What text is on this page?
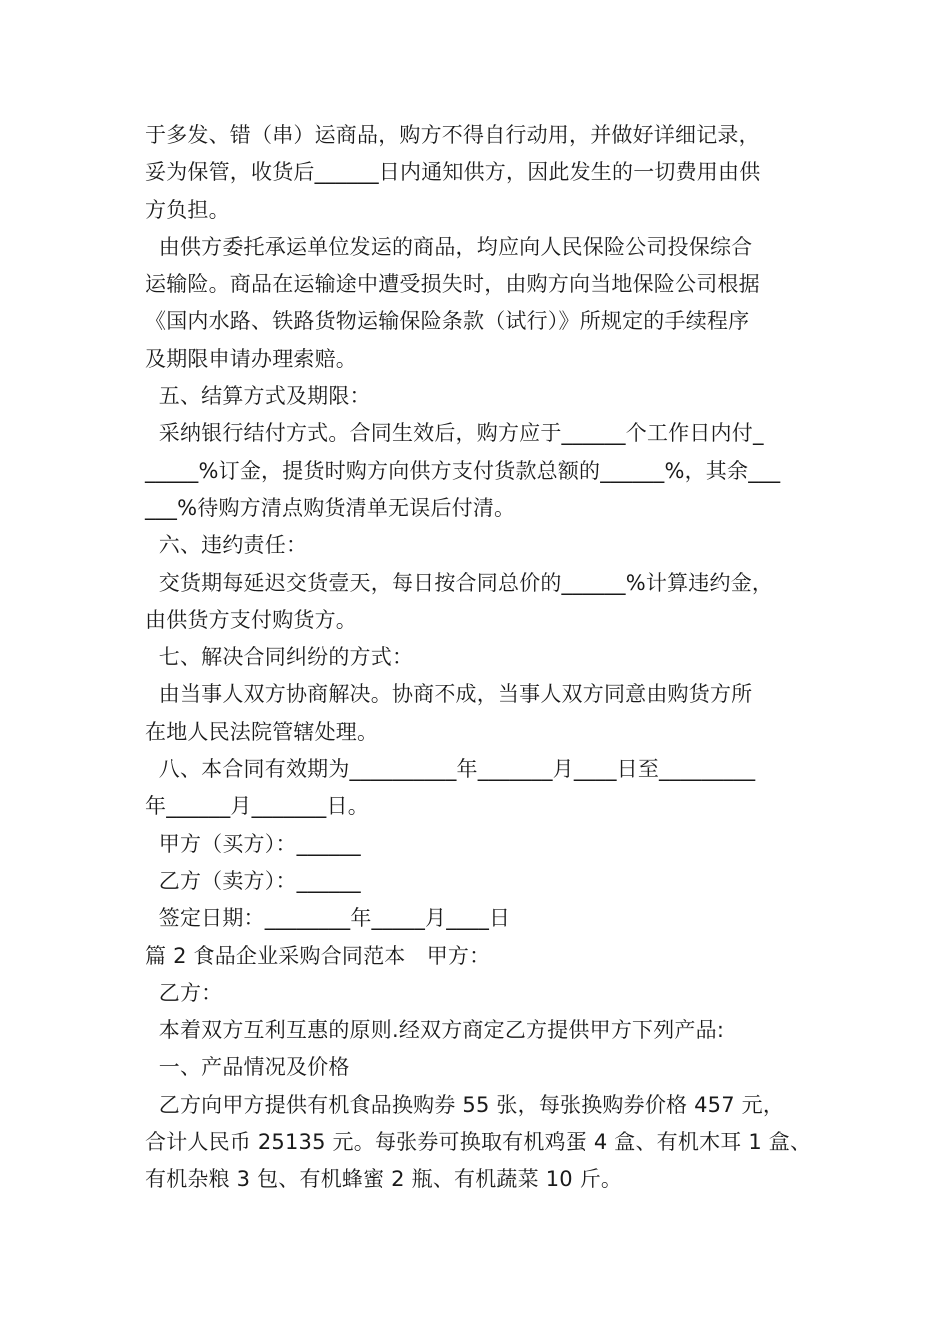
于多发、错（串）运商品，购方不得自行动用，并做好详细记录，
妥为保管，收货后______日内通知供方，因此发生的一切费用由供
方负担。
由供方委托承运单位发运的商品，均应向人民保险公司投保综合
运输险。商品在运输途中遭受损失时，由购方向当地保险公司根据
《国内水路、铁路货物运输保险条款（试行）》所规定的手续程序
及期限申请办理索赔。
五、结算方式及期限：
采纳银行结付方式。合同生效后，购方应于______个工作日内付_
_____%订金，提货时购方向供方支付货款总额的______%，其余___
___%待购方清点购货清单无误后付清。
六、违约责任：
交货期每延迟交货壹天，每日按合同总价的______%计算违约金，
由供货方支付购货方。
七、解决合同纠纷的方式：
由当事人双方协商解决。协商不成，当事人双方同意由购货方所
在地人民法院管辖处理。
八、本合同有效期为__________年_______月____日至_________
年______月_______日。
甲方（买方）：______
乙方（卖方）：______
签定日期：________年_____月____日
篇 2 食品企业采购合同范本　甲方：
乙方：
本着双方互利互惠的原则.经双方商定乙方提供甲方下列产品:
一、产品情况及价格
乙方向甲方提供有机食品换购券 55 张，每张换购券价格 457 元，
合计人民币 25135 元。每张券可换取有机鸡蛋 4 盒、有机木耳 1 盒、
有机杂粮 3 包、有机蜂蜜 2 瓶、有机蔬菜 10 斤。
